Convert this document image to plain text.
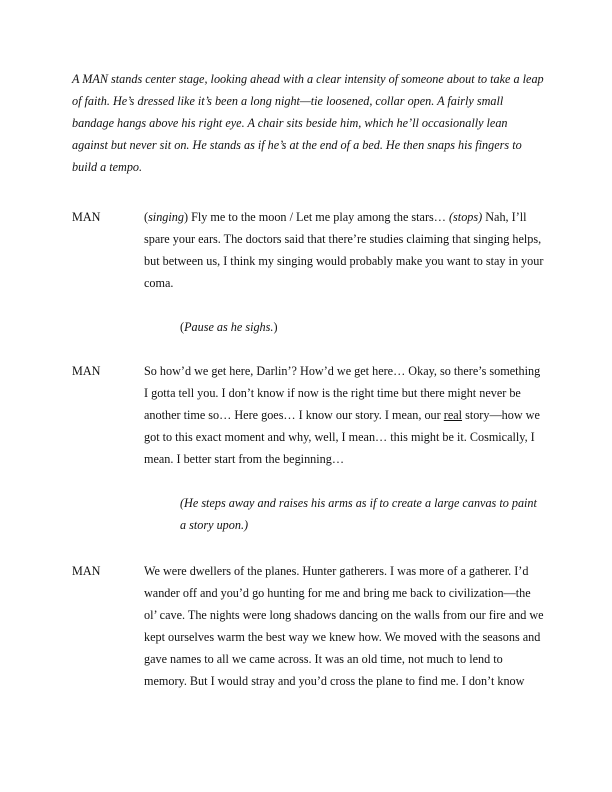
A MAN stands center stage, looking ahead with a clear intensity of someone about to take a leap of faith. He’s dressed like it’s been a long night—tie loosened, collar open. A fairly small bandage hangs above his right eye. A chair sits beside him, which he’ll occasionally lean against but never sit on. He stands as if he’s at the end of a bed. He then snaps his fingers to build a tempo.

MAN	(singing) Fly me to the moon / Let me play among the stars… (stops) Nah, I’ll spare your ears. The doctors said that there’re studies claiming that singing helps, but between us, I think my singing would probably make you want to stay in your coma.

(Pause as he sighs.)

MAN	So how’d we get here, Darlin’? How’d we get here… Okay, so there’s something I gotta tell you. I don’t know if now is the right time but there might never be another time so… Here goes… I know our story. I mean, our real story—how we got to this exact moment and why, well, I mean… this might be it. Cosmically, I mean. I better start from the beginning…

(He steps away and raises his arms as if to create a large canvas to paint a story upon.)

MAN	We were dwellers of the planes. Hunter gatherers. I was more of a gatherer. I’d wander off and you’d go hunting for me and bring me back to civilization—the ol’ cave. The nights were long shadows dancing on the walls from our fire and we kept ourselves warm the best way we knew how. We moved with the seasons and gave names to all we came across. It was an old time, not much to lend to memory. But I would stray and you’d cross the plane to find me. I don’t know
